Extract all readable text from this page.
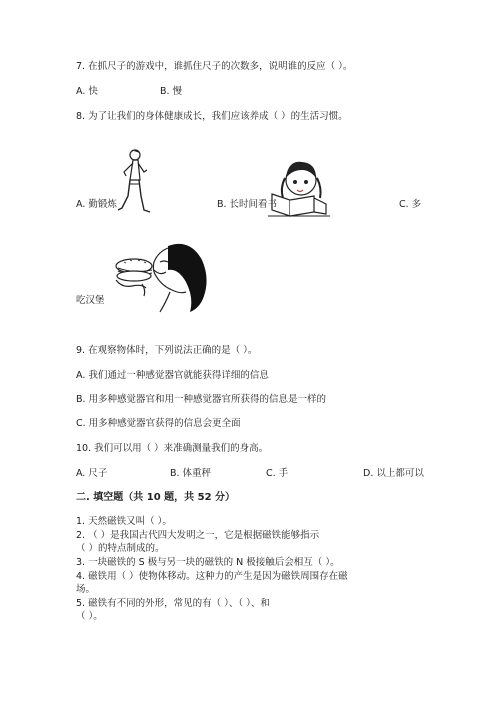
7. 在抓尺子的游戏中，谁抓住尺子的次数多，说明谁的反应（ ）。
A. 快	B. 慢
8. 为了让我们的身体健康成长，我们应该养成（ ）的生活习惯。
A. 勤锻炼	B. 长时间看书	C. 多
吃汉堡
9. 在观察物体时，下列说法正确的是（ ）。
A. 我们通过一种感觉器官就能获得详细的信息
B. 用多种感觉器官和用一种感觉器官所获得的信息是一样的
C. 用多种感觉器官获得的信息会更全面
10. 我们可以用（ ）来准确测量我们的身高。
A. 尺子	B. 体重秤	C. 手	D. 以上都可以
二. 填空题（共 10 题，共 52 分）
1. 天然磁铁又叫（ ）。
2. （ ）是我国古代四大发明之一，它是根据磁铁能够指示
（ ）的特点制成的。
3. 一块磁铁的 S 极与另一块的磁铁的 N 极接触后会相互（ ）。
4. 磁铁用（ ）使物体移动。这种力的产生是因为磁铁周围存在磁
场。
5. 磁铁有不同的外形，常见的有（ ）、（ ）、和
（ ）。
